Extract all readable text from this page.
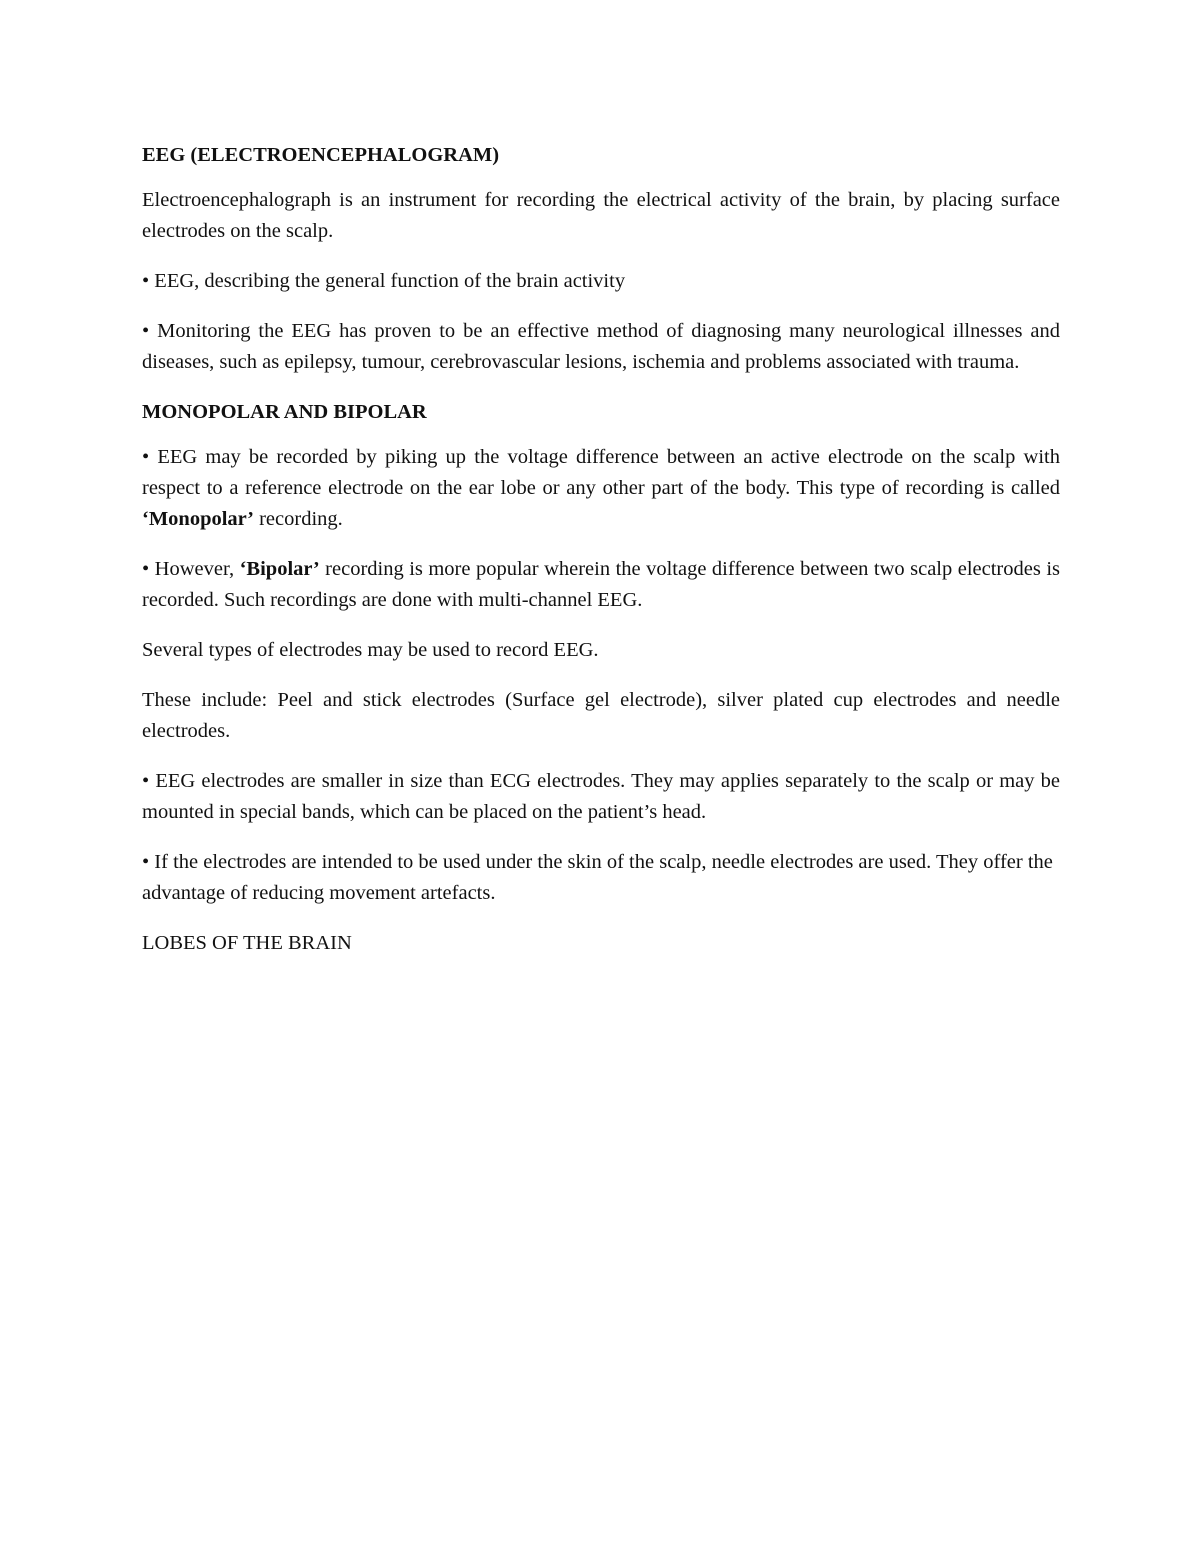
EEG (ELECTROENCEPHALOGRAM)

Electroencephalograph is an instrument for recording the electrical activity of the brain, by placing surface electrodes on the scalp.

• EEG, describing the general function of the brain activity

• Monitoring the EEG has proven to be an effective method of diagnosing many neurological illnesses and diseases, such as epilepsy, tumour, cerebrovascular lesions, ischemia and problems associated with trauma.

MONOPOLAR AND BIPOLAR

• EEG may be recorded by piking up the voltage difference between an active electrode on the scalp with respect to a reference electrode on the ear lobe or any other part of the body. This type of recording is called ‘Monopolar’ recording.

• However, ‘Bipolar’ recording is more popular wherein the voltage difference between two scalp electrodes is recorded. Such recordings are done with multi-channel EEG.

Several types of electrodes may be used to record EEG.

These include: Peel and stick electrodes (Surface gel electrode), silver plated cup electrodes and needle electrodes.

• EEG electrodes are smaller in size than ECG electrodes. They may applies separately to the scalp or may be mounted in special bands, which can be placed on the patient’s head.

• If the electrodes are intended to be used under the skin of the scalp, needle electrodes are used. They offer the advantage of reducing movement artefacts.

LOBES OF THE BRAIN
